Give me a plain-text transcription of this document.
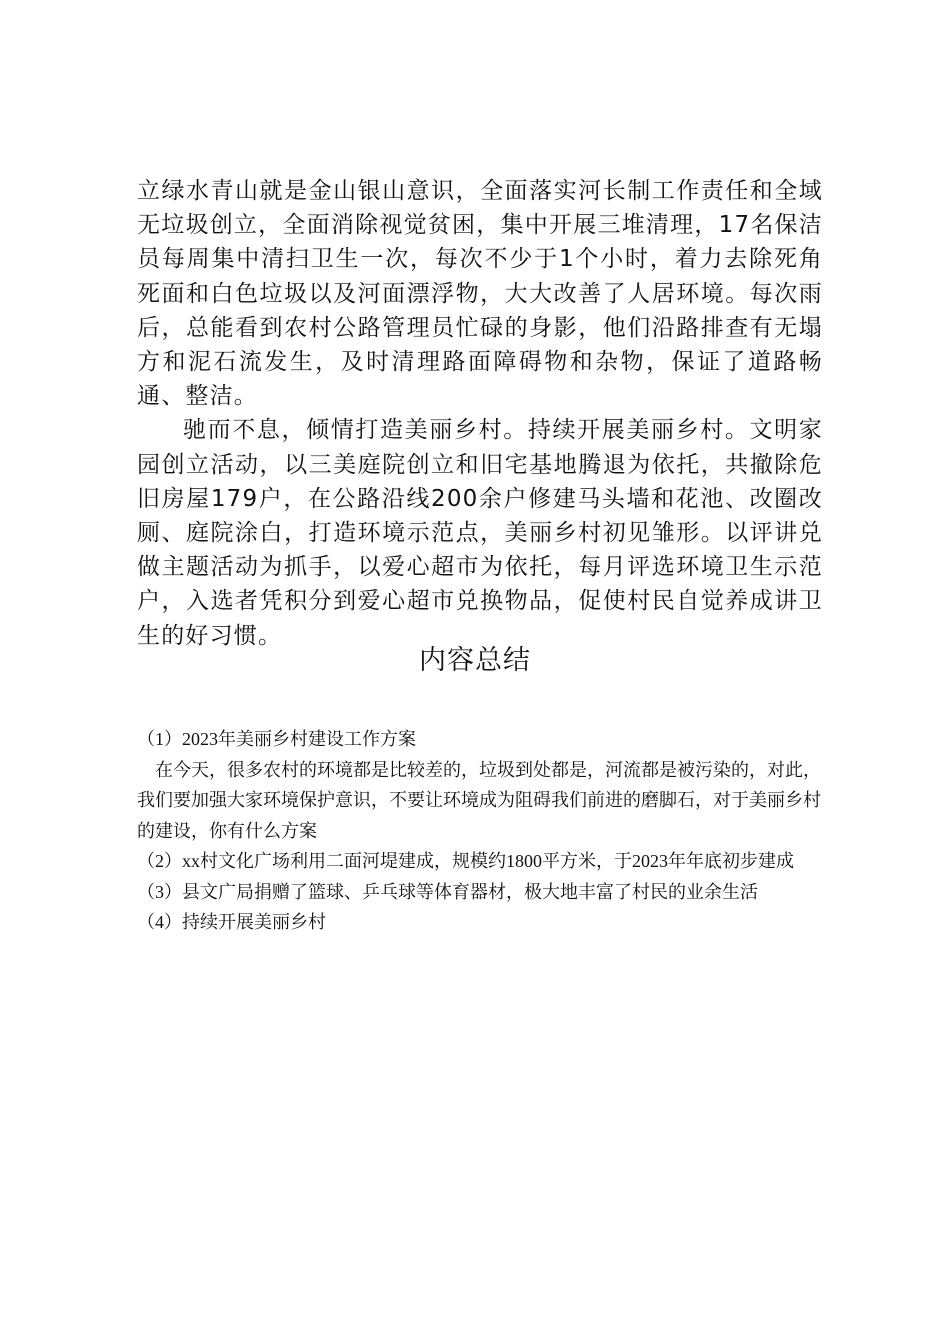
立绿水青山就是金山银山意识，全面落实河长制工作责任和全域无垃圾创立，全面消除视觉贫困，集中开展三堆清理，17名保洁员每周集中清扫卫生一次，每次不少于1个小时，着力去除死角死面和白色垃圾以及河面漂浮物，大大改善了人居环境。每次雨后，总能看到农村公路管理员忙碌的身影，他们沿路排查有无塌方和泥石流发生，及时清理路面障碍物和杂物，保证了道路畅通、整洁。

驰而不息，倾情打造美丽乡村。持续开展美丽乡村。文明家园创立活动，以三美庭院创立和旧宅基地腾退为依托，共撤除危旧房屋179户，在公路沿线200余户修建马头墙和花池、改圈改厕、庭院涂白，打造环境示范点，美丽乡村初见雏形。以评讲兑做主题活动为抓手，以爱心超市为依托，每月评选环境卫生示范户，入选者凭积分到爱心超市兑换物品，促使村民自觉养成讲卫生的好习惯。

内容总结

（1）2023年美丽乡村建设工作方案

在今天，很多农村的环境都是比较差的，垃圾到处都是，河流都是被污染的，对此，我们要加强大家环境保护意识，不要让环境成为阻碍我们前进的磨脚石，对于美丽乡村的建设，你有什么方案

（2）xx村文化广场利用二面河堤建成，规模约1800平方米，于2023年年底初步建成

（3）县文广局捐赠了篮球、乒乓球等体育器材，极大地丰富了村民的业余生活

（4）持续开展美丽乡村
